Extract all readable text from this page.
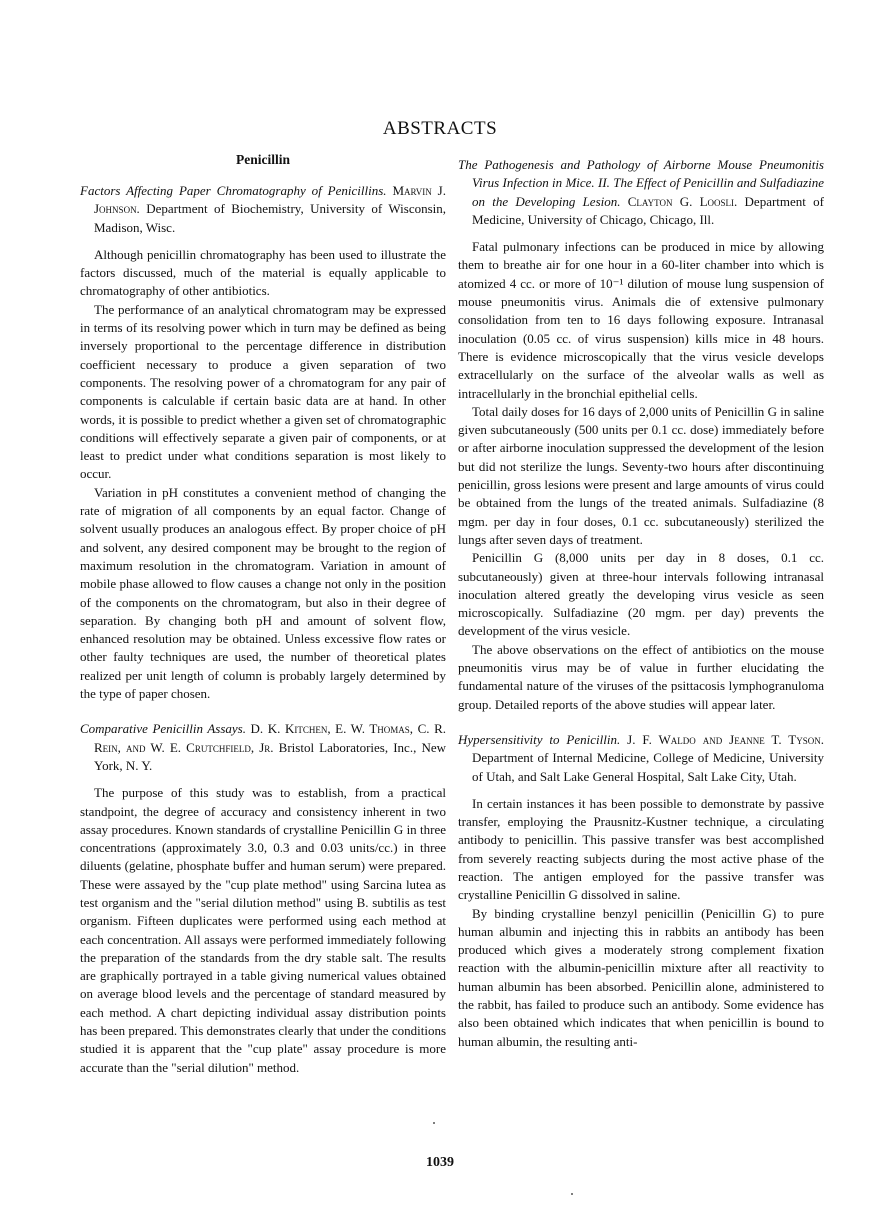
ABSTRACTS
Penicillin
Factors Affecting Paper Chromatography of Penicillins. Marvin J. Johnson. Department of Biochemistry, University of Wisconsin, Madison, Wisc.

Although penicillin chromatography has been used to illustrate the factors discussed, much of the material is equally applicable to chromatography of other antibiotics.

The performance of an analytical chromatogram may be expressed in terms of its resolving power which in turn may be defined as being inversely proportional to the percentage difference in distribution coefficient necessary to produce a given separation of two components. The resolving power of a chromatogram for any pair of components is calculable if certain basic data are at hand. In other words, it is possible to predict whether a given set of chromatographic conditions will effectively separate a given pair of components, or at least to predict under what conditions separation is most likely to occur.

Variation in pH constitutes a convenient method of changing the rate of migration of all components by an equal factor. Change of solvent usually produces an analogous effect. By proper choice of pH and solvent, any desired component may be brought to the region of maximum resolution in the chromatogram. Variation in amount of mobile phase allowed to flow causes a change not only in the position of the components on the chromatogram, but also in their degree of separation. By changing both pH and amount of solvent flow, enhanced resolution may be obtained. Unless excessive flow rates or other faulty techniques are used, the number of theoretical plates realized per unit length of column is probably largely determined by the type of paper chosen.

Comparative Penicillin Assays. D. K. Kitchen, E. W. Thomas, C. R. Rein, and W. E. Crutchfield, Jr. Bristol Laboratories, Inc., New York, N. Y.

The purpose of this study was to establish, from a practical standpoint, the degree of accuracy and consistency inherent in two assay procedures. Known standards of crystalline Penicillin G in three concentrations (approximately 3.0, 0.3 and 0.03 units/cc.) in three diluents (gelatine, phosphate buffer and human serum) were prepared. These were assayed by the "cup plate method" using Sarcina lutea as test organism and the "serial dilution method" using B. subtilis as test organism. Fifteen duplicates were performed using each method at each concentration. All assays were performed immediately following the preparation of the standards from the dry stable salt. The results are graphically portrayed in a table giving numerical values obtained on average blood levels and the percentage of standard measured by each method. A chart depicting individual assay distribution points has been prepared. This demonstrates clearly that under the conditions studied it is apparent that the "cup plate" assay procedure is more accurate than the "serial dilution" method.

The Pathogenesis and Pathology of Airborne Mouse Pneumonitis Virus Infection in Mice. II. The Effect of Penicillin and Sulfadiazine on the Developing Lesion. Clayton G. Loosli. Department of Medicine, University of Chicago, Chicago, Ill.

Fatal pulmonary infections can be produced in mice by allowing them to breathe air for one hour in a 60-liter chamber into which is atomized 4 cc. or more of 10⁻¹ dilution of mouse lung suspension of mouse pneumonitis virus. Animals die of extensive pulmonary consolidation from ten to 16 days following exposure. Intranasal inoculation (0.05 cc. of virus suspension) kills mice in 48 hours. There is evidence microscopically that the virus vesicle develops extracellularly on the surface of the alveolar walls as well as intracellularly in the bronchial epithelial cells.

Total daily doses for 16 days of 2,000 units of Penicillin G in saline given subcutaneously (500 units per 0.1 cc. dose) immediately before or after airborne inoculation suppressed the development of the lesion but did not sterilize the lungs. Seventy-two hours after discontinuing penicillin, gross lesions were present and large amounts of virus could be obtained from the lungs of the treated animals. Sulfadiazine (8 mgm. per day in four doses, 0.1 cc. subcutaneously) sterilized the lungs after seven days of treatment.

Penicillin G (8,000 units per day in 8 doses, 0.1 cc. subcutaneously) given at three-hour intervals following intranasal inoculation altered greatly the developing virus vesicle as seen microscopically. Sulfadiazine (20 mgm. per day) prevents the development of the virus vesicle.

The above observations on the effect of antibiotics on the mouse pneumonitis virus may be of value in further elucidating the fundamental nature of the viruses of the psittacosis lymphogranuloma group. Detailed reports of the above studies will appear later.

Hypersensitivity to Penicillin. J. F. Waldo and Jeanne T. Tyson. Department of Internal Medicine, College of Medicine, University of Utah, and Salt Lake General Hospital, Salt Lake City, Utah.

In certain instances it has been possible to demonstrate by passive transfer, employing the Prausnitz-Kustner technique, a circulating antibody to penicillin. This passive transfer was best accomplished from severely reacting subjects during the most active phase of the reaction. The antigen employed for the passive transfer was crystalline Penicillin G dissolved in saline.

By binding crystalline benzyl penicillin (Penicillin G) to pure human albumin and injecting this in rabbits an antibody has been produced which gives a moderately strong complement fixation reaction with the albumin-penicillin mixture after all reactivity to human albumin has been absorbed. Penicillin alone, administered to the rabbit, has failed to produce such an antibody. Some evidence has also been obtained which indicates that when penicillin is bound to human albumin, the resulting anti-

1039
